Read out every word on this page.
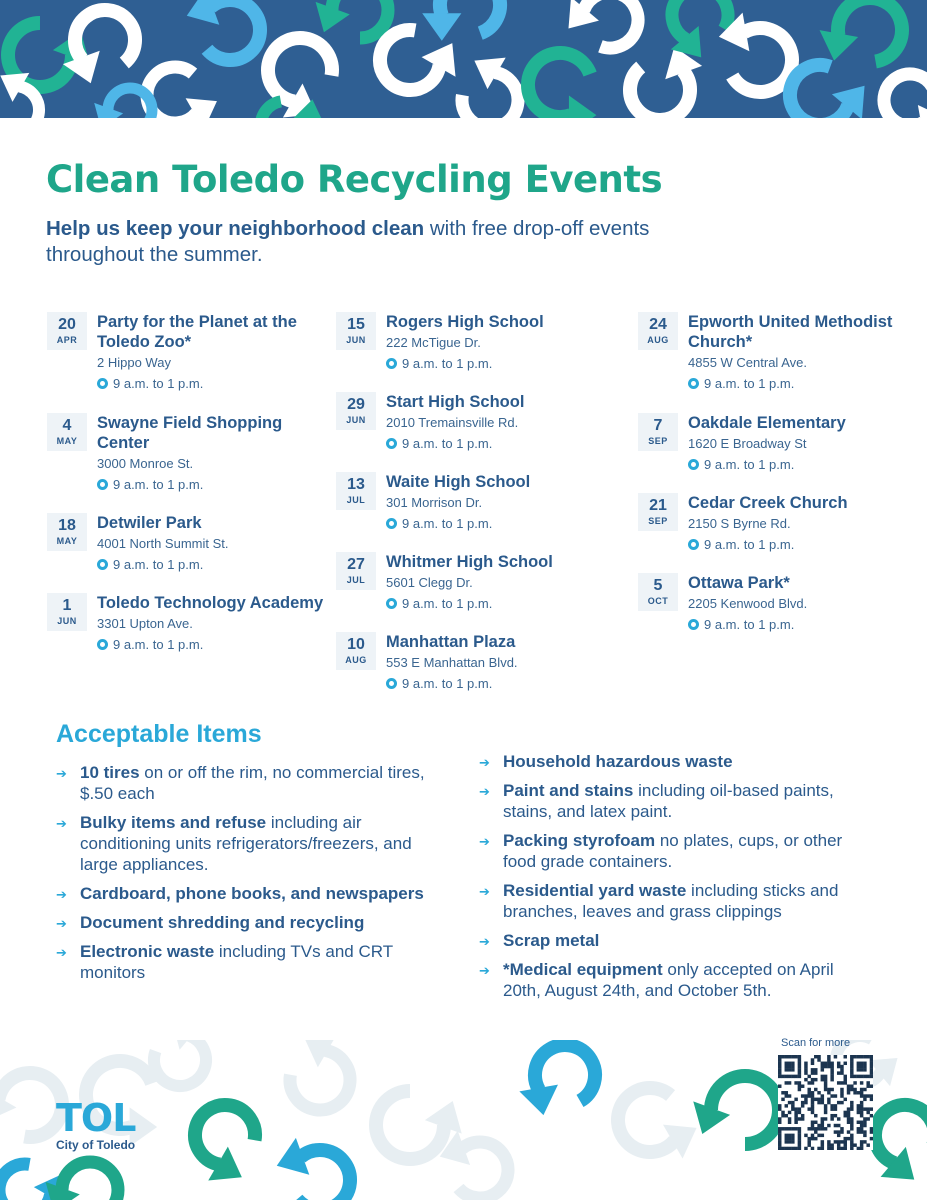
Clean Toledo Recycling Events

Help us keep your neighborhood clean with free drop-off events throughout the summer.

20
APR
Party for the Planet at the Toledo Zoo*
2 Hippo Way
9 a.m. to 1 p.m.
4
MAY
Swayne Field Shopping Center
3000 Monroe St.
9 a.m. to 1 p.m.
18
MAY
Detwiler Park
4001 North Summit St.
9 a.m. to 1 p.m.
1
JUN
Toledo Technology Academy
3301 Upton Ave.
9 a.m. to 1 p.m.
15
JUN
Rogers High School
222 McTigue Dr.
9 a.m. to 1 p.m.
29
JUN
Start High School
2010 Tremainsville Rd.
9 a.m. to 1 p.m.
13
JUL
Waite High School
301 Morrison Dr.
9 a.m. to 1 p.m.
27
JUL
Whitmer High School
5601 Clegg Dr.
9 a.m. to 1 p.m.
10
AUG
Manhattan Plaza
553 E Manhattan Blvd.
9 a.m. to 1 p.m.
24
AUG
Epworth United Methodist Church*
4855 W Central Ave.
9 a.m. to 1 p.m.
7
SEP
Oakdale Elementary
1620 E Broadway St
9 a.m. to 1 p.m.
21
SEP
Cedar Creek Church
2150 S Byrne Rd.
9 a.m. to 1 p.m.
5
OCT
Ottawa Park*
2205 Kenwood Blvd.
9 a.m. to 1 p.m.
Acceptable Items
➔ 10 tires on or off the rim, no commercial tires, $.50 each
➔ Bulky items and refuse including air conditioning units refrigerators/freezers, and large appliances.
➔ Cardboard, phone books, and newspapers
➔ Document shredding and recycling
➔ Electronic waste including TVs and CRT monitors
➔ Household hazardous waste
➔ Paint and stains including oil-based paints, stains, and latex paint.
➔ Packing styrofoam no plates, cups, or other food grade containers.
➔ Residential yard waste including sticks and branches, leaves and grass clippings
➔ Scrap metal
➔ *Medical equipment only accepted on April 20th, August 24th, and October 5th.
TOL
City of Toledo
Scan for more
